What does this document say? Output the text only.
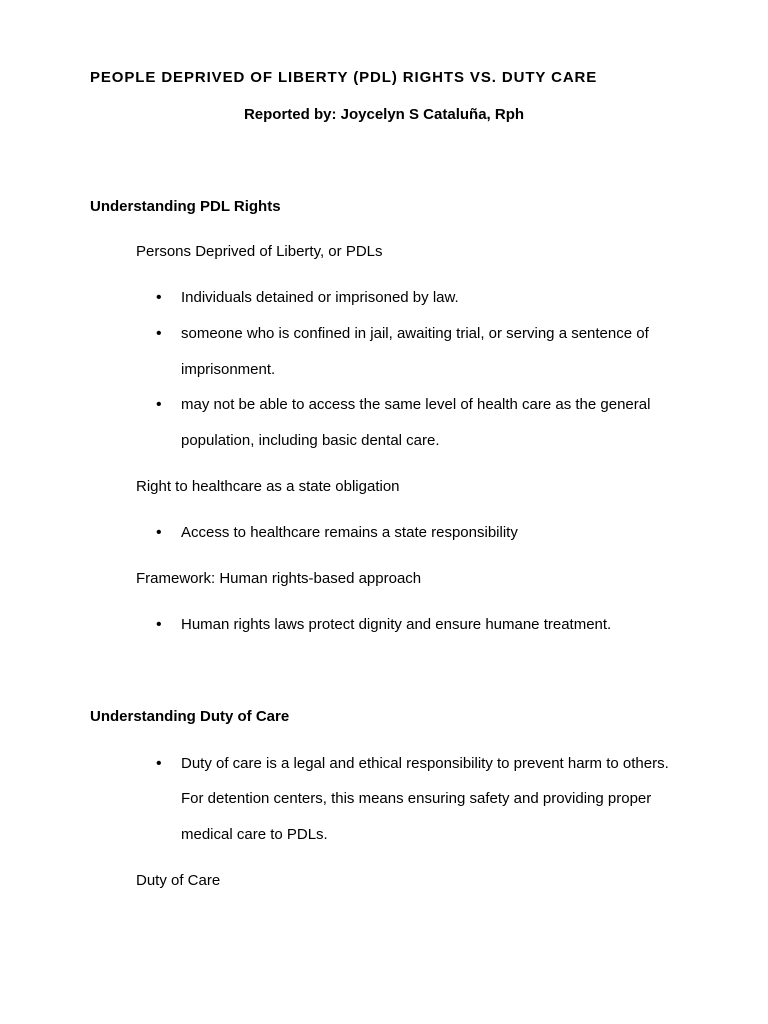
PEOPLE DEPRIVED OF LIBERTY (PDL) RIGHTS VS. DUTY CARE
Reported by: Joycelyn S Cataluña, Rph
Understanding PDL Rights
Persons Deprived of Liberty, or PDLs
• Individuals detained or imprisoned by law.
• someone who is confined in jail, awaiting trial, or serving a sentence of
imprisonment.
• may not be able to access the same level of health care as the general
population, including basic dental care.
Right to healthcare as a state obligation
• Access to healthcare remains a state responsibility
Framework: Human rights-based approach
• Human rights laws protect dignity and ensure humane treatment.
Understanding Duty of Care
• Duty of care is a legal and ethical responsibility to prevent harm to others.
For detention centers, this means ensuring safety and providing proper
medical care to PDLs.
Duty of Care
